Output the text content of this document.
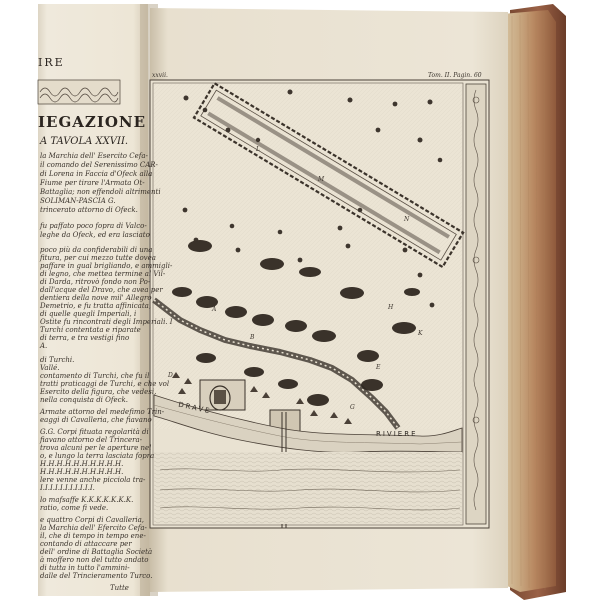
IRE
IEGAZIONE
A TAVOLA XXVII.
la Marchia dell' Esercito Cefa-
il comando del Serenissimo CAR-
di Lorena in Faccia d'Ofeck alla
Fiume per tirare l'Armata Ot-
Battaglia; non effendoli altrimenti
SOLIMAN-PASCIA G.
trincerato attorno di Ofeck.
fu paffato poco fopra di Valco-
leghe da Ofeck, ed era lasciato
poco più da confiderabili di una
fitura, per cui mezzo tutte dovea
paffare in gual brigliando, e ammigli-
di legno, che mettea termine al Vil-
di Darda, ritrovò fondo non Po-
dall'acque del Dravo, che avea per
dentiera della nove mil' Allegro
Demetrio, e fu tratta affinicata,
di quelle quegli Imperiali, i
Ostite fu rincontrati degli Imperiali. I
Turchi contentata e riparate
di terra, e tra vestigi fino
A.
di Turchi.
Vallé.
contamento di Turchi, che fu il
tratti praticaggi de Turchi, e che vol
Esercito della figura, che vedesi,
nella conquista di Ofeck.
Armate attorno del medefimo Trin-
eaggi di Cavalleria, che fiavano
G.G. Corpi fituata regolarità di
fiavano attorno del Trincera-
trova alcuni per le aperture nel
o, e lungo la terra lasciata fopra
H.H.H.H.H.H.H.H.H.H.
H.H.H.H.H.H.H.H.H.H.
lere venne anche picciola tra-
I.I.I.I.I.I.I.I.I.I.I.
lo mafsaffe K.K.K.K.K.K.K.
ratio, come fi vede.
e quattro Corpi di Cavalleria,
la Marchia dell' Efercito Cefa-
il, che di tempo in tempo ene-
contando di attaccare per
dell' ordine di Battaglia Società
à moffero non del tutto andato
di tutta in tutto l'ammini-
dalle del Trincieramento Turco.
Tutte
xxvii.	Tom. II. Pagin. 60
L
M
N
A
B
D
G
E
H
K
DRAVE
RIVIERE
